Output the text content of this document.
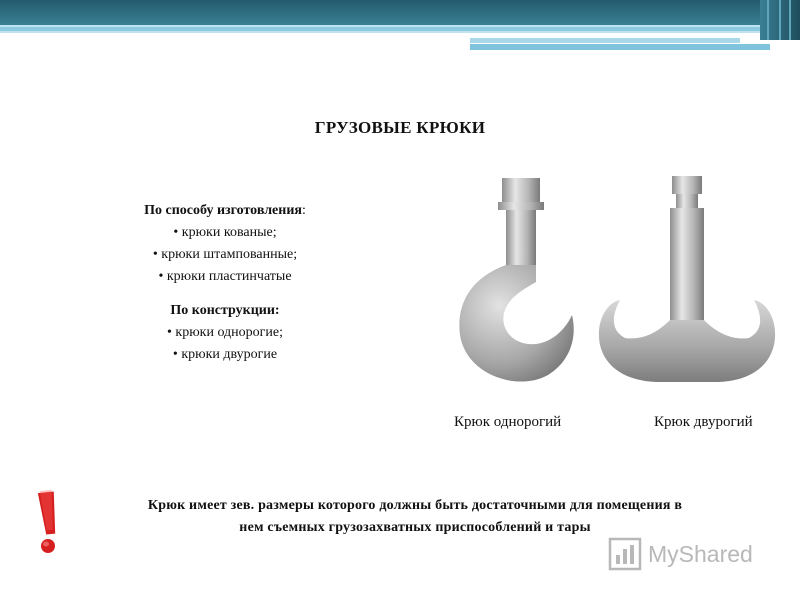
ГРУЗОВЫЕ КРЮКИ
По способу изготовления:
• крюки кованые;
• крюки штампованные;
• крюки пластинчатые
По конструкции:
• крюки однорогие;
• крюки двурогие
Крюк однорогий	Крюк двурогий
Крюк имеет зев. размеры которого должны быть достаточными для помещения в
нем съемных грузозахватных приспособлений и тары
MyShared
